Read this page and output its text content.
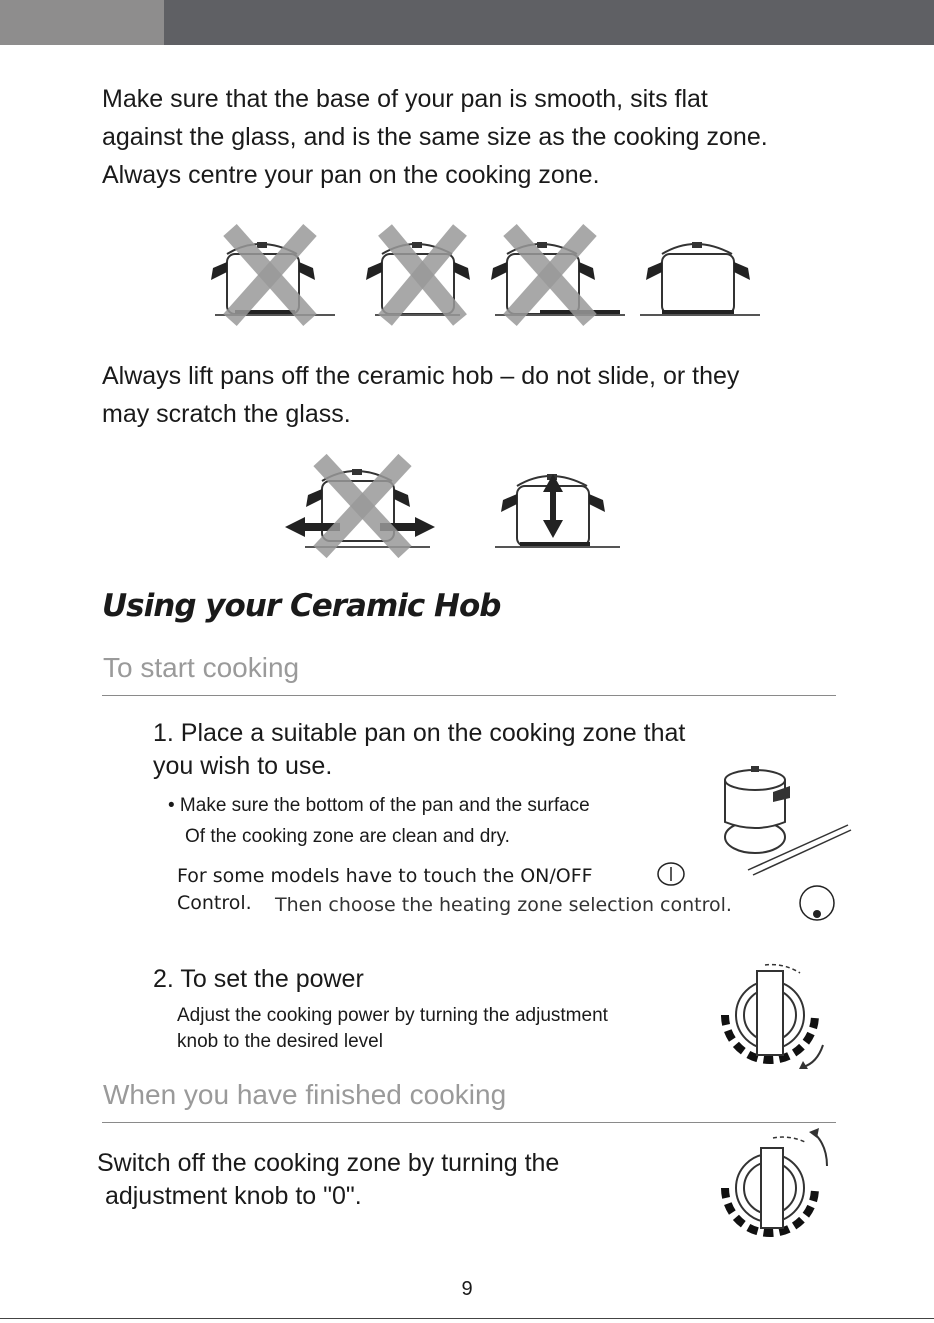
Make sure that the base of your pan is smooth, sits flat

against the glass, and is the same size as the cooking zone.

Always centre your pan on the cooking zone.

Always lift pans off the ceramic hob – do not slide, or they

may scratch the glass.

Using your Ceramic Hob
To start cooking
1. Place a suitable pan on the cooking zone that
you wish to use.
• Make sure the bottom of the pan and the surface
Of the cooking zone are clean and dry.
For some models have to touch the ON/OFF
Control. Then choose the heating zone selection control.
2. To set the power
Adjust the cooking power by turning the adjustment
knob to the desired level
When you have finished cooking
Switch off the cooking zone by turning the
adjustment knob to "0".
9
